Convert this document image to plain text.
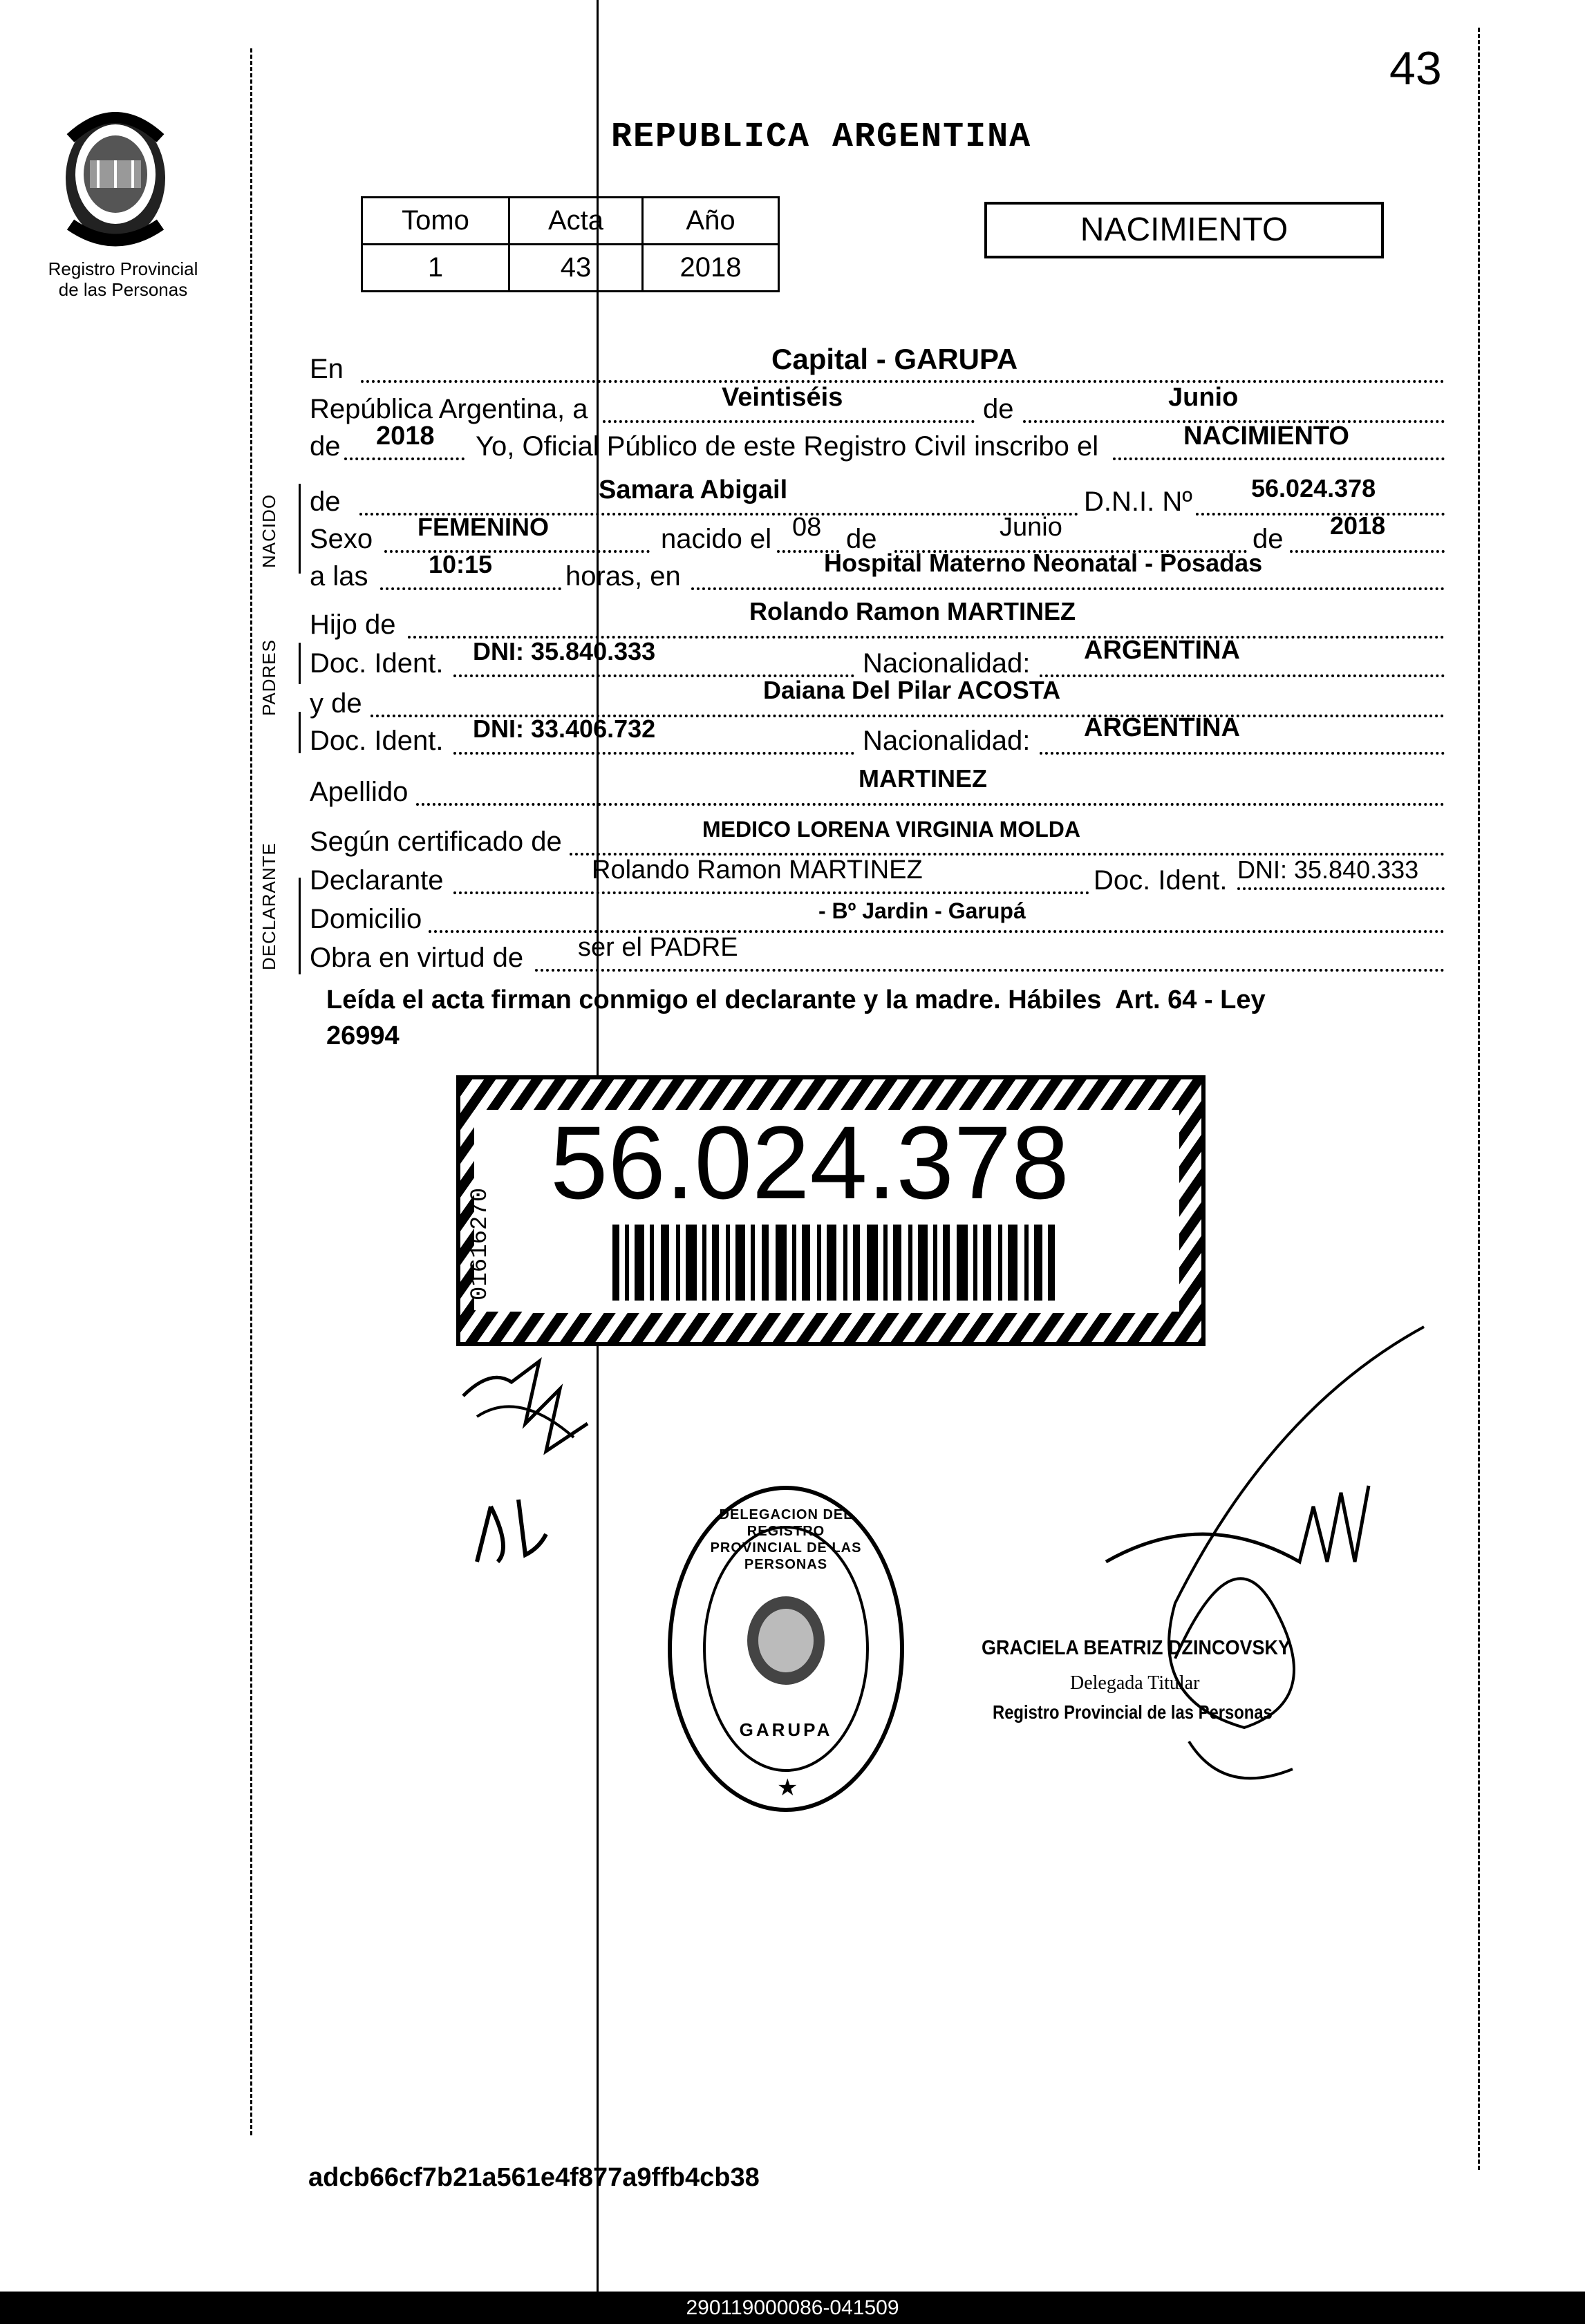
43
Registro Provincial
de las Personas
REPUBLICA ARGENTINA
Tomo	Acta	Año
1	43	2018
NACIMIENTO
NACIDO
PADRES
DECLARANTE
En	Capital - GARUPA
República Argentina, a	Veintiséis	de	Junio
de 2018 Yo, Oficial Público de este Registro Civil inscribo el	NACIMIENTO
de	Samara Abigail	D.N.I. Nº 56.024.378
Sexo FEMENINO	nacido el 08 de	Junio	de 2018
a las 10:15	horas, en	Hospital Materno Neonatal - Posadas
Hijo de	Rolando Ramon MARTINEZ
Doc. Ident. DNI: 35.840.333	Nacionalidad: ARGENTINA
y de	Daiana Del Pilar ACOSTA
Doc. Ident. DNI: 33.406.732	Nacionalidad: ARGENTINA
Apellido	MARTINEZ
Según certificado de	MEDICO LORENA VIRGINIA MOLDA
Declarante	Rolando Ramon MARTINEZ	Doc. Ident. DNI: 35.840.333
Domicilio	- Bº Jardin - Garupá
Obra en virtud de ser el PADRE
Leída el acta firman conmigo el declarante y la madre. Hábiles  Art. 64 - Ley
26994
01616270
56.024.378
★
DELEGACION DEL REGISTRO PROVINCIAL DE LAS PERSONAS
GARUPA
GRACIELA BEATRIZ DZINCOVSKY
Delegada Titular
Registro Provincial de las Personas
adcb66cf7b21a561e4f877a9ffb4cb38
290119000086-041509
